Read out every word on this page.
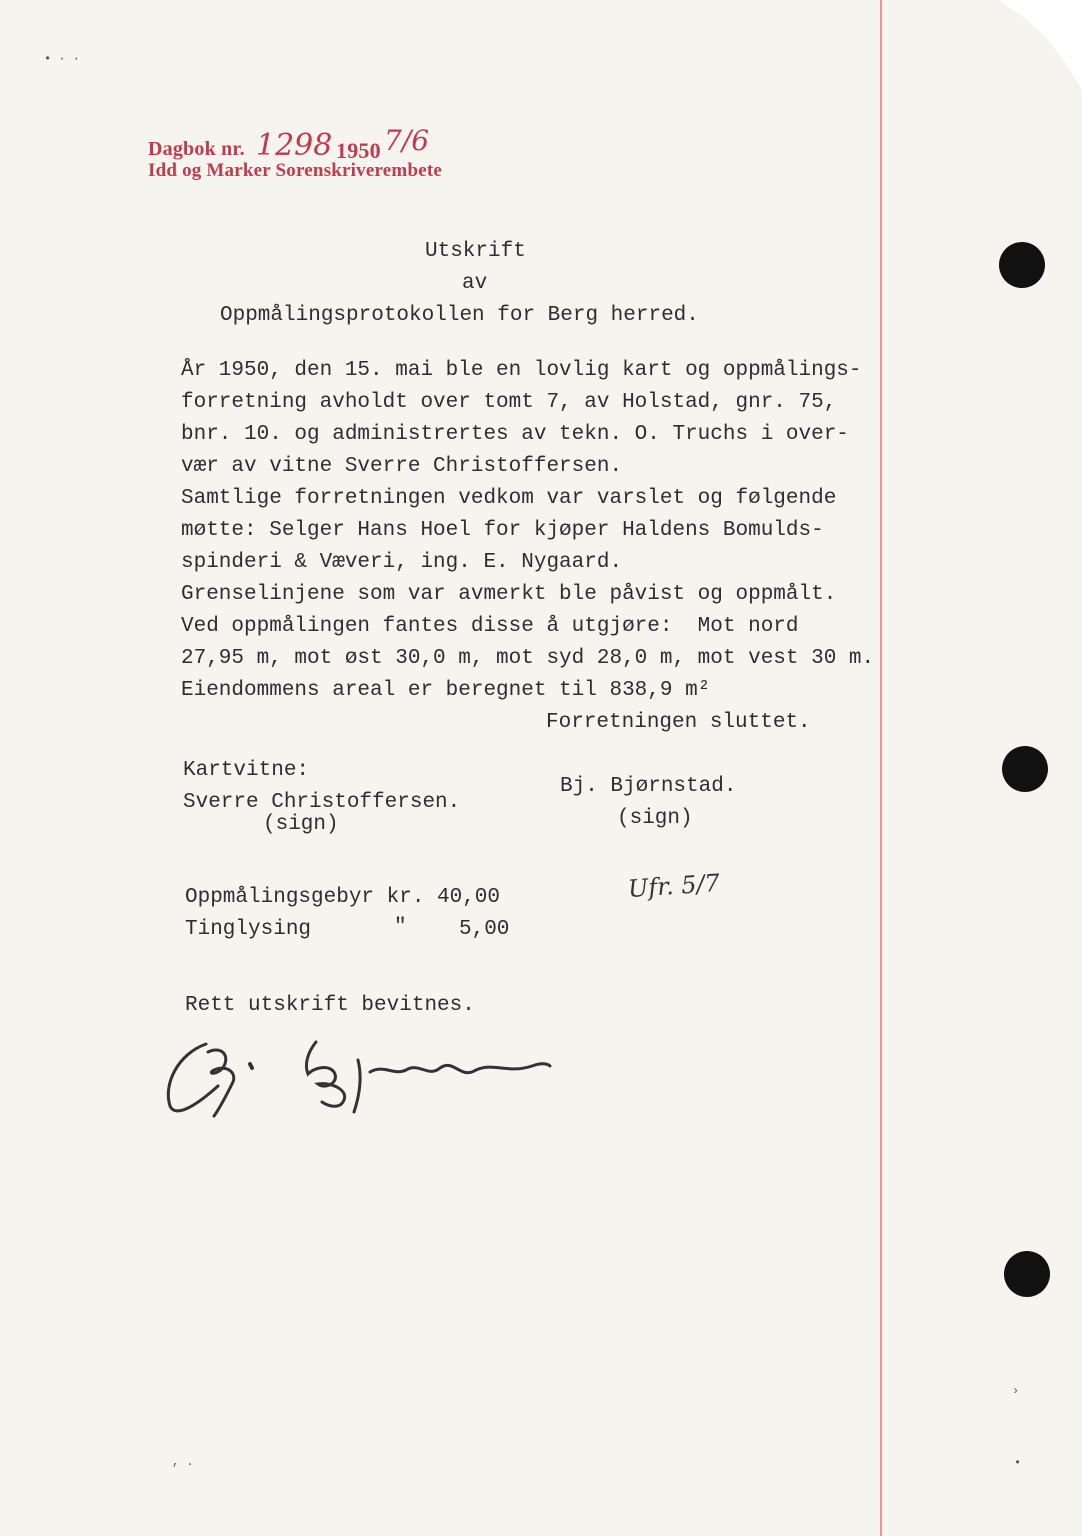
• · ·
Dagbok nr. 1298 1950 7/6
Idd og Marker Sorenskriverembete
Utskrift
av
Oppmålingsprotokollen for Berg herred.
År 1950, den 15. mai ble en lovlig kart og oppmålings-
forretning avholdt over tomt 7, av Holstad, gnr. 75,
bnr. 10. og administrertes av tekn. O. Truchs i over-
vær av vitne Sverre Christoffersen.
Samtlige forretningen vedkom var varslet og følgende
møtte: Selger Hans Hoel for kjøper Haldens Bomulds-
spinderi & Væveri, ing. E. Nygaard.
Grenselinjene som var avmerkt ble påvist og oppmålt.
Ved oppmålingen fantes disse å utgjøre:  Mot nord
27,95 m, mot øst 30,0 m, mot syd 28,0 m, mot vest 30 m.
Eiendommens areal er beregnet til 838,9 m²
Forretningen sluttet.
Kartvitne:
Sverre Christoffersen.
(sign)
Bj. Bjørnstad.
(sign)
Ufr. 5/7
Oppmålingsgebyr kr. 40,00
Tinglysing	" 5,00
Rett utskrift bevitnes.
, .
›
•
